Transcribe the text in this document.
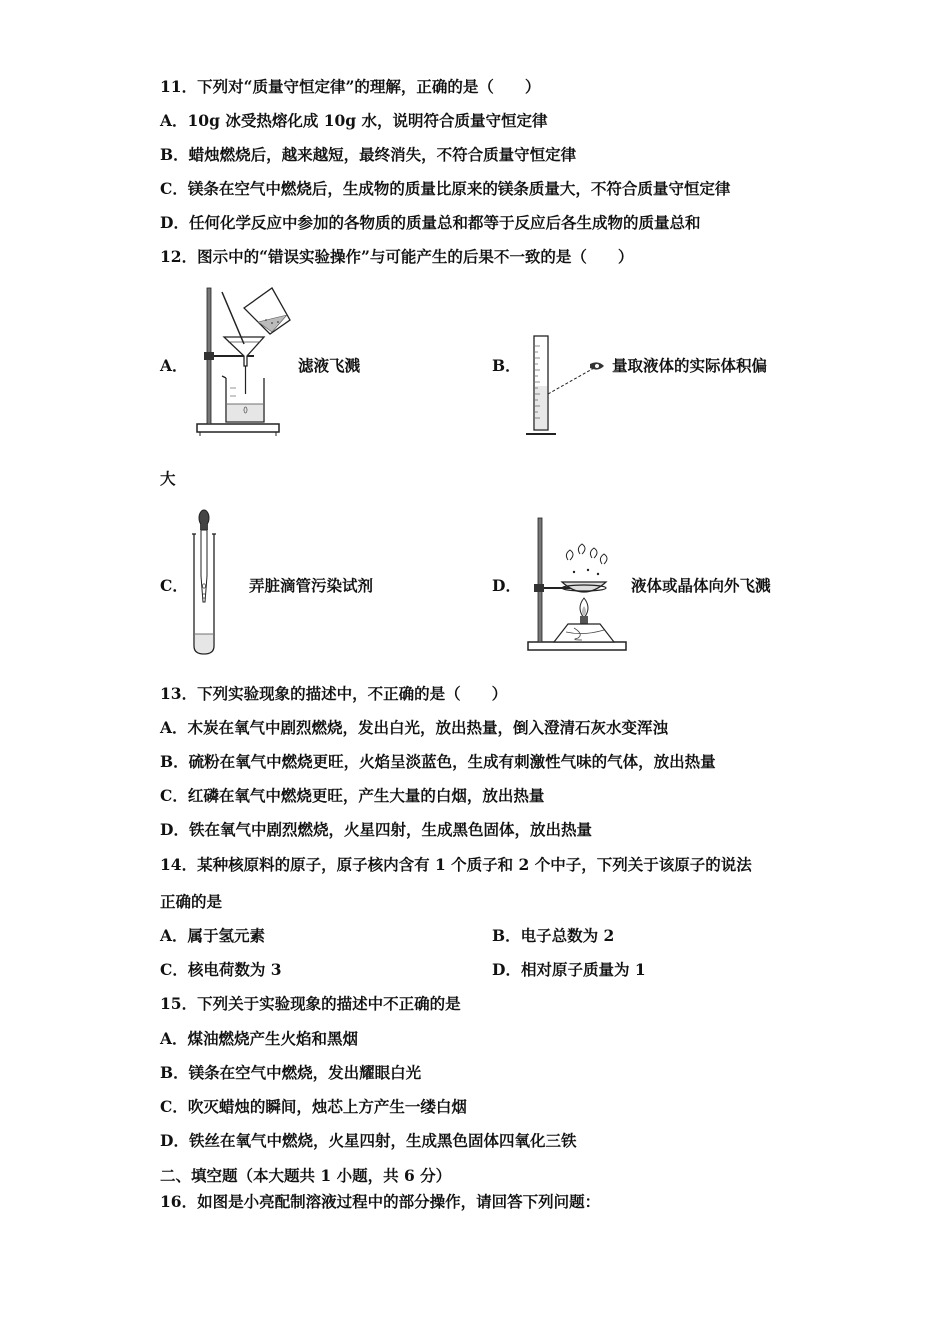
11．下列对“质量守恒定律”的理解，正确的是（　　）
A．10g 冰受热熔化成 10g 水，说明符合质量守恒定律
B．蜡烛燃烧后，越来越短，最终消失，不符合质量守恒定律
C．镁条在空气中燃烧后，生成物的质量比原来的镁条质量大，不符合质量守恒定律
D．任何化学反应中参加的各物质的质量总和都等于反应后各生成物的质量总和
12．图示中的“错误实验操作”与可能产生的后果不一致的是（　　）
A．	滤液飞溅	B．	量取液体的实际体积偏
大
C．	弄脏滴管污染试剂	D．	液体或晶体向外飞溅
13．下列实验现象的描述中，不正确的是（　　）
A．木炭在氧气中剧烈燃烧，发出白光，放出热量，倒入澄清石灰水变浑浊
B．硫粉在氧气中燃烧更旺，火焰呈淡蓝色，生成有刺激性气味的气体，放出热量
C．红磷在氧气中燃烧更旺，产生大量的白烟，放出热量
D．铁在氧气中剧烈燃烧，火星四射，生成黑色固体，放出热量
14．某种核原料的原子，原子核内含有 1 个质子和 2 个中子，下列关于该原子的说法
正确的是
A．属于氢元素	B．电子总数为 2
C．核电荷数为 3	D．相对原子质量为 1
15．下列关于实验现象的描述中不正确的是
A．煤油燃烧产生火焰和黑烟
B．镁条在空气中燃烧，发出耀眼白光
C．吹灭蜡烛的瞬间，烛芯上方产生一缕白烟
D．铁丝在氧气中燃烧，火星四射，生成黑色固体四氧化三铁
二、填空题（本大题共 1 小题，共 6 分）
16．如图是小亮配制溶液过程中的部分操作，请回答下列问题：
